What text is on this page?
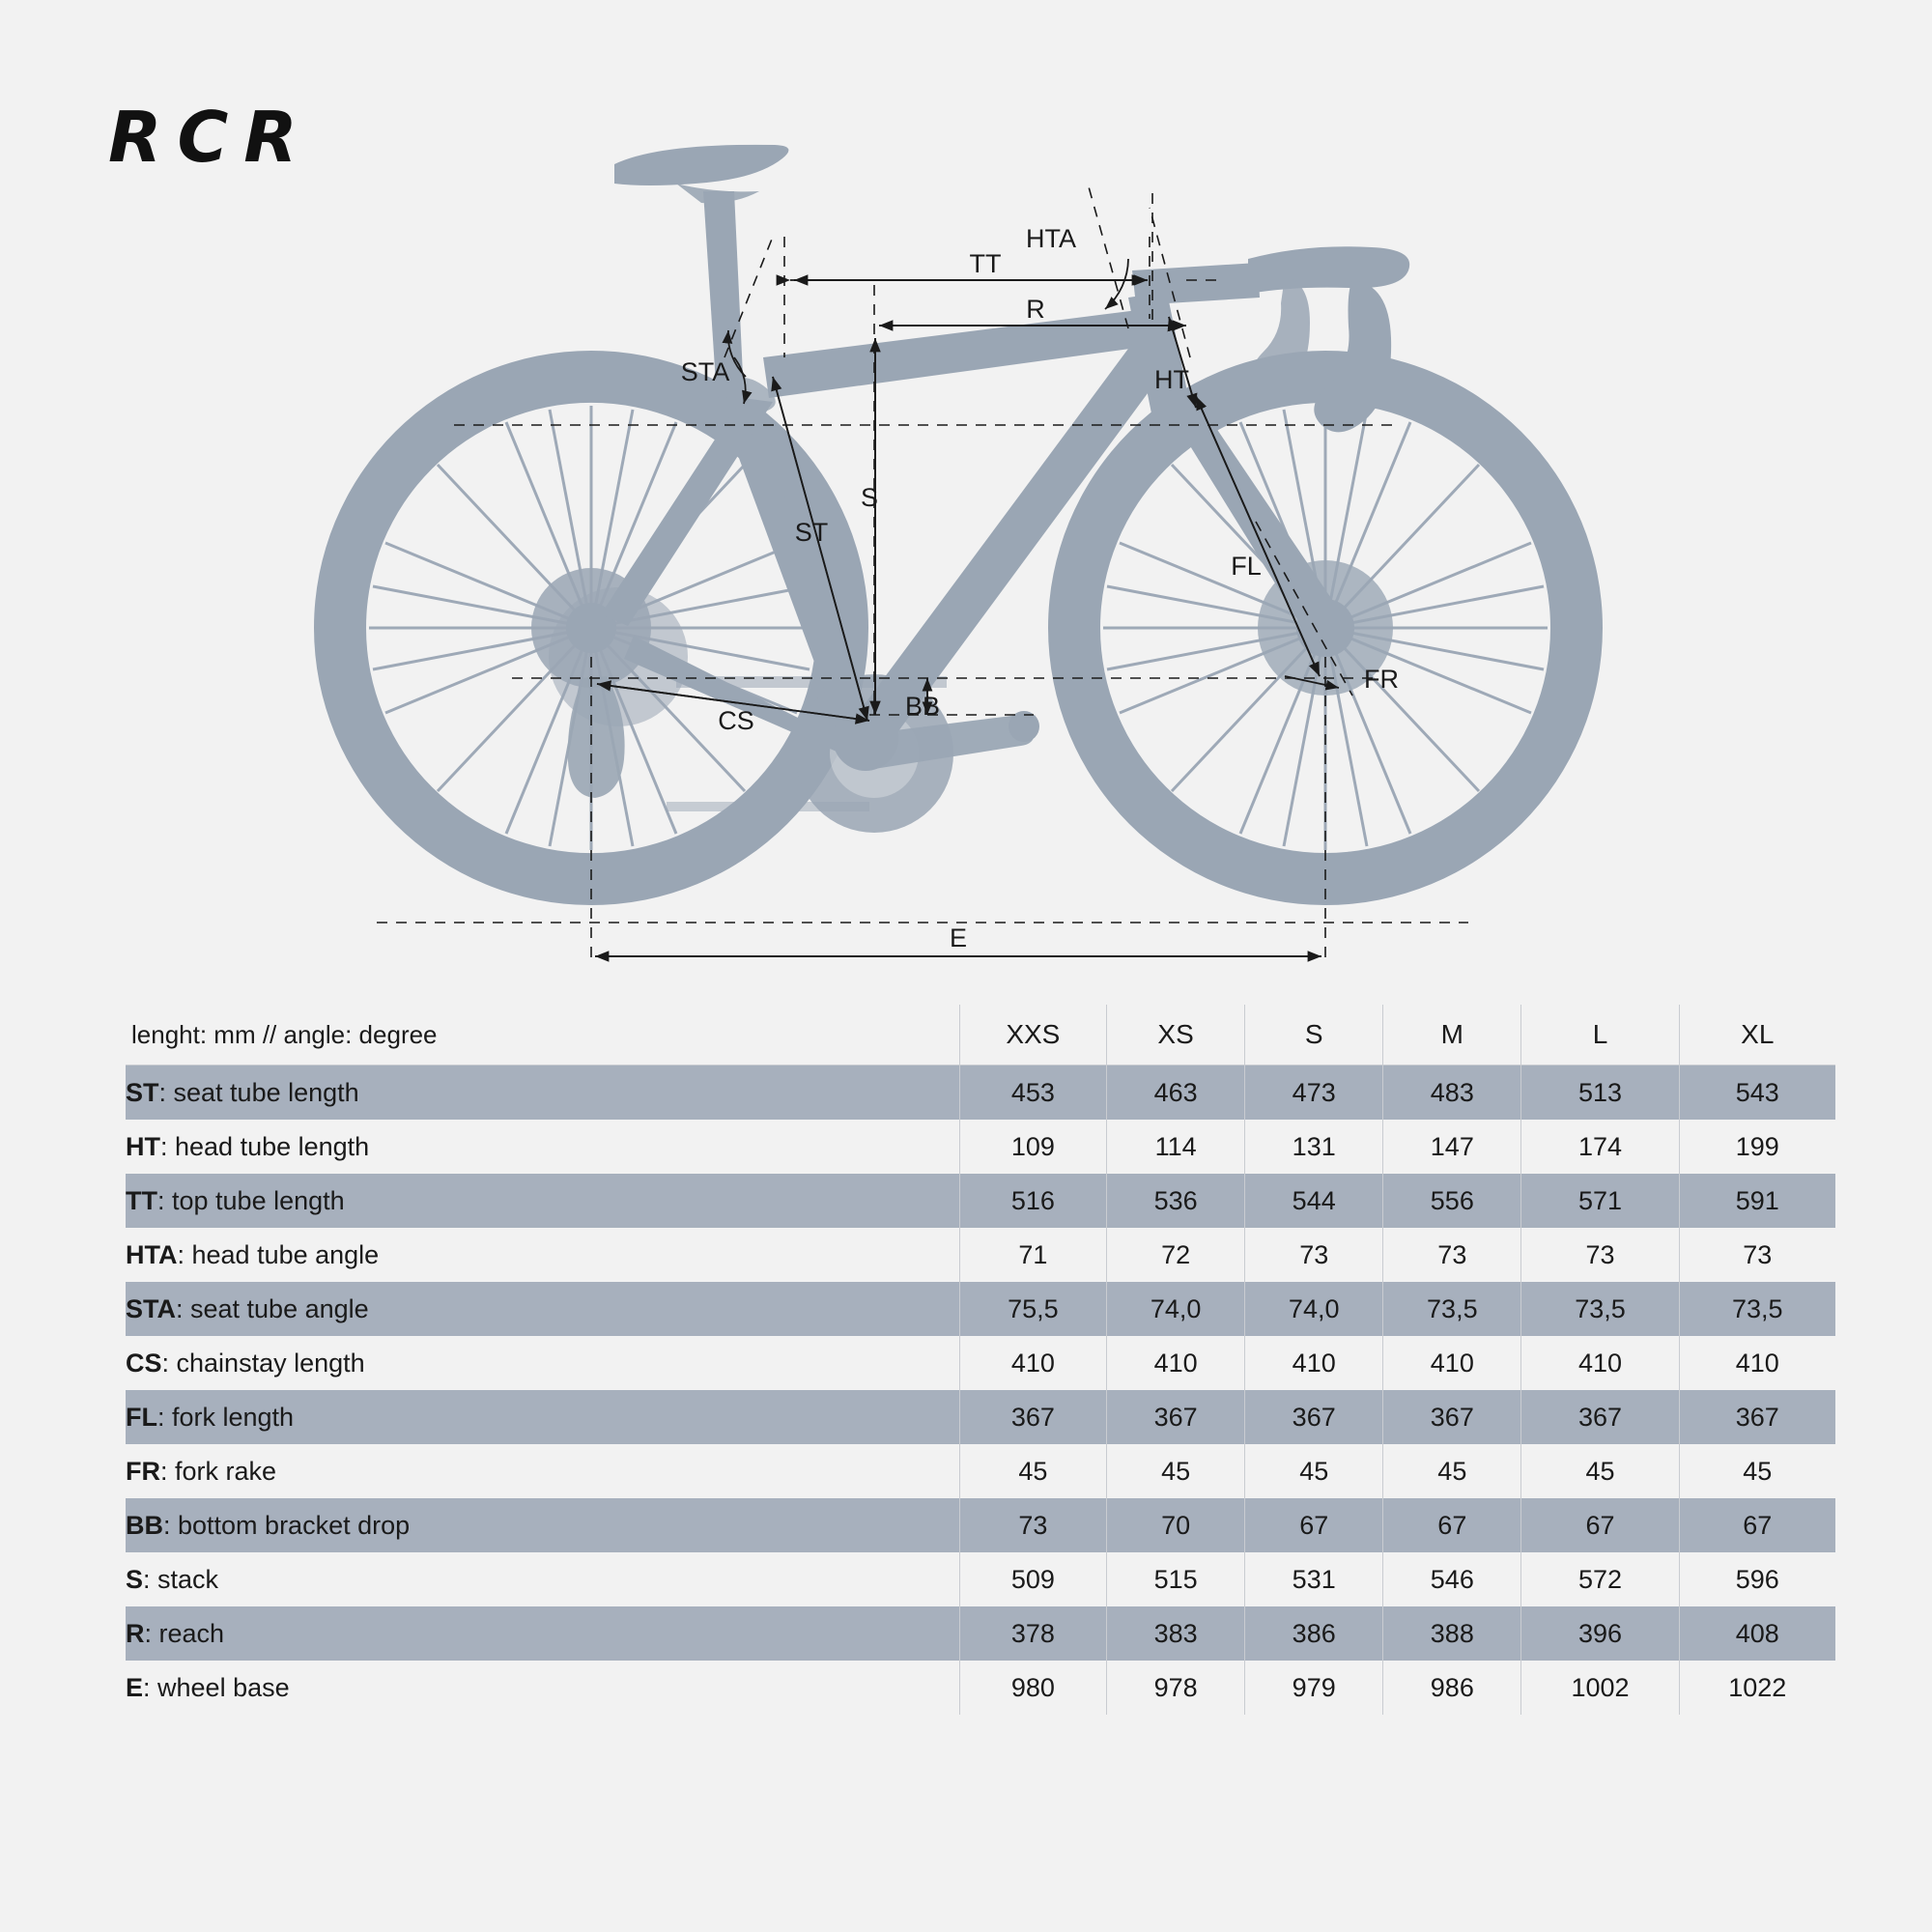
RCR
HTA
TT
R
STA	HT
S
ST
FL
FR
BB
CS
E
lenght: mm // angle: degree	XXS	XS	S	M	L	XL
ST: seat tube length	453	463	473	483	513	543
HT: head tube length	109	114	131	147	174	199
TT: top tube length	516	536	544	556	571	591
HTA: head tube angle	71	72	73	73	73	73
STA: seat tube angle	75,5	74,0	74,0	73,5	73,5	73,5
CS: chainstay length	410	410	410	410	410	410
FL: fork length	367	367	367	367	367	367
FR: fork rake	45	45	45	45	45	45
BB: bottom bracket drop	73	70	67	67	67	67
S: stack	509	515	531	546	572	596
R: reach	378	383	386	388	396	408
E: wheel base	980	978	979	986	1002	1022
